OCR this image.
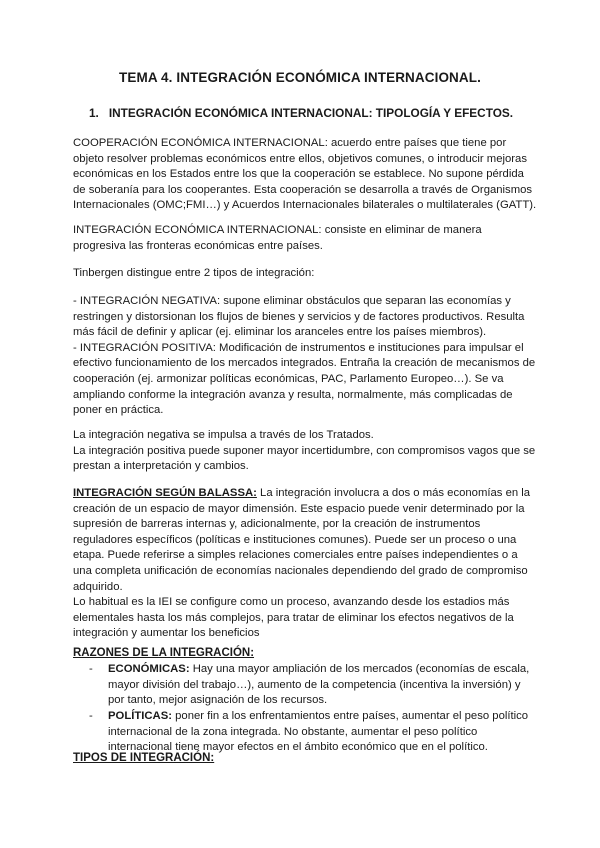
TEMA 4. INTEGRACIÓN ECONÓMICA INTERNACIONAL.
1. INTEGRACIÓN ECONÓMICA INTERNACIONAL: TIPOLOGÍA Y EFECTOS.
COOPERACIÓN ECONÓMICA INTERNACIONAL: acuerdo entre países que tiene por
objeto resolver problemas económicos entre ellos, objetivos comunes, o introducir mejoras
económicas en los Estados entre los que la cooperación se establece. No supone pérdida
de soberanía para los cooperantes. Esta cooperación se desarrolla a través de Organismos
Internacionales (OMC;FMI…) y Acuerdos Internacionales bilaterales o multilaterales (GATT).
INTEGRACIÓN ECONÓMICA INTERNACIONAL: consiste en eliminar de manera
progresiva las fronteras económicas entre países.
Tinbergen distingue entre 2 tipos de integración:
- INTEGRACIÓN NEGATIVA: supone eliminar obstáculos que separan las economías y
restringen y distorsionan los flujos de bienes y servicios y de factores productivos. Resulta
más fácil de definir y aplicar (ej. eliminar los aranceles entre los países miembros).
- INTEGRACIÓN POSITIVA: Modificación de instrumentos e instituciones para impulsar el
efectivo funcionamiento de los mercados integrados. Entraña la creación de mecanismos de
cooperación (ej. armonizar políticas económicas, PAC, Parlamento Europeo…). Se va
ampliando conforme la integración avanza y resulta, normalmente, más complicadas de
poner en práctica.
La integración negativa se impulsa a través de los Tratados.
La integración positiva puede suponer mayor incertidumbre, con compromisos vagos que se
prestan a interpretación y cambios.
INTEGRACIÓN SEGÚN BALASSA: La integración involucra a dos o más economías en la
creación de un espacio de mayor dimensión. Este espacio puede venir determinado por la
supresión de barreras internas y, adicionalmente, por la creación de instrumentos
reguladores específicos (políticas e instituciones comunes). Puede ser un proceso o una
etapa. Puede referirse a simples relaciones comerciales entre países independientes o a
una completa unificación de economías nacionales dependiendo del grado de compromiso
adquirido.
Lo habitual es la IEI se configure como un proceso, avanzando desde los estadios más
elementales hasta los más complejos, para tratar de eliminar los efectos negativos de la
integración y aumentar los beneficios
RAZONES DE LA INTEGRACIÓN:
- ECONÓMICAS: Hay una mayor ampliación de los mercados (economías de escala,
mayor división del trabajo…), aumento de la competencia (incentiva la inversión) y
por tanto, mejor asignación de los recursos.
- POLÍTICAS: poner fin a los enfrentamientos entre países, aumentar el peso político
internacional de la zona integrada. No obstante, aumentar el peso político
internacional tiene mayor efectos en el ámbito económico que en el político.
TIPOS DE INTEGRACIÓN:
